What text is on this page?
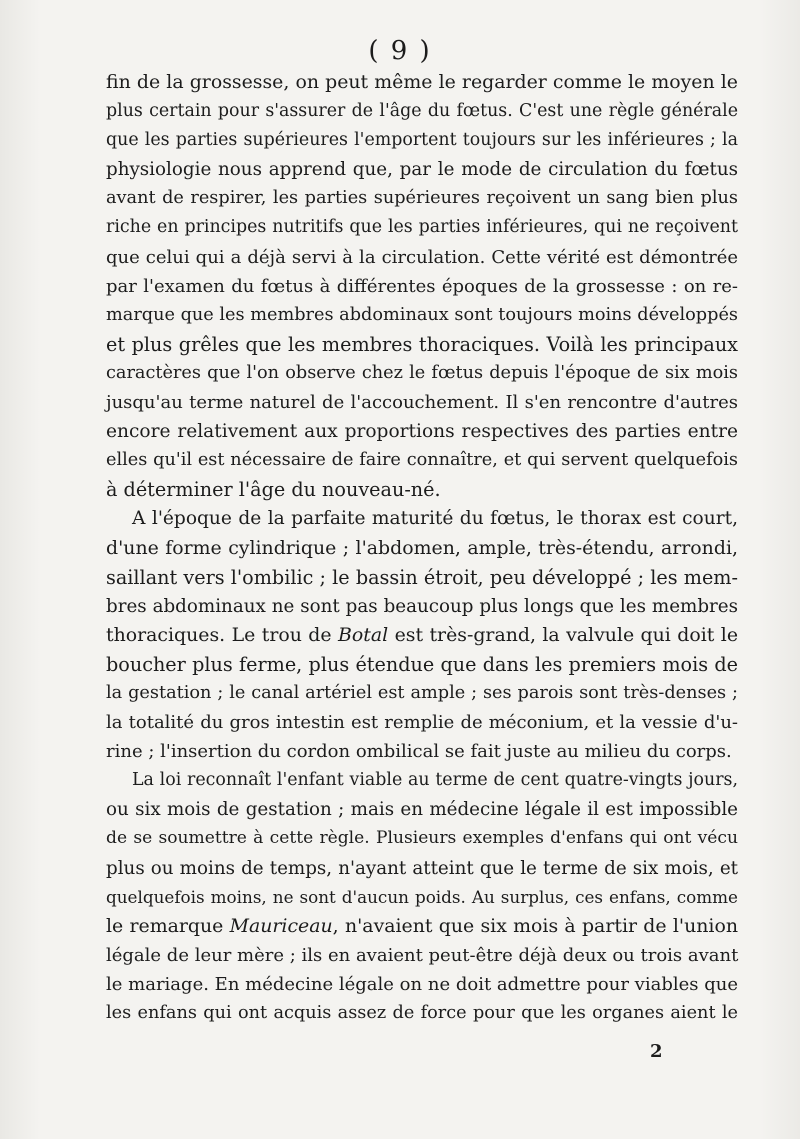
( 9 )
fin de la grossesse, on peut même le regarder comme le moyen le
plus certain pour s'assurer de l'âge du fœtus. C'est une règle générale
que les parties supérieures l'emportent toujours sur les inférieures ; la
physiologie nous apprend que, par le mode de circulation du fœtus
avant de respirer, les parties supérieures reçoivent un sang bien plus
riche en principes nutritifs que les parties inférieures, qui ne reçoivent
que celui qui a déjà servi à la circulation. Cette vérité est démontrée
par l'examen du fœtus à différentes époques de la grossesse : on re-
marque que les membres abdominaux sont toujours moins développés
et plus grêles que les membres thoraciques. Voilà les principaux
caractères que l'on observe chez le fœtus depuis l'époque de six mois
jusqu'au terme naturel de l'accouchement. Il s'en rencontre d'autres
encore relativement aux proportions respectives des parties entre
elles qu'il est nécessaire de faire connaître, et qui servent quelquefois
à déterminer l'âge du nouveau-né.
A l'époque de la parfaite maturité du fœtus, le thorax est court,
d'une forme cylindrique ; l'abdomen, ample, très-étendu, arrondi,
saillant vers l'ombilic ; le bassin étroit, peu développé ; les mem-
bres abdominaux ne sont pas beaucoup plus longs que les membres
thoraciques. Le trou de Botal est très-grand, la valvule qui doit le
boucher plus ferme, plus étendue que dans les premiers mois de
la gestation ; le canal artériel est ample ; ses parois sont très-denses ;
la totalité du gros intestin est remplie de méconium, et la vessie d'u-
rine ; l'insertion du cordon ombilical se fait juste au milieu du corps.
La loi reconnaît l'enfant viable au terme de cent quatre-vingts jours,
ou six mois de gestation ; mais en médecine légale il est impossible
de se soumettre à cette règle. Plusieurs exemples d'enfans qui ont vécu
plus ou moins de temps, n'ayant atteint que le terme de six mois, et
quelquefois moins, ne sont d'aucun poids. Au surplus, ces enfans, comme
le remarque Mauriceau, n'avaient que six mois à partir de l'union
légale de leur mère ; ils en avaient peut-être déjà deux ou trois avant
le mariage. En médecine légale on ne doit admettre pour viables que
les enfans qui ont acquis assez de force pour que les organes aient le
2
